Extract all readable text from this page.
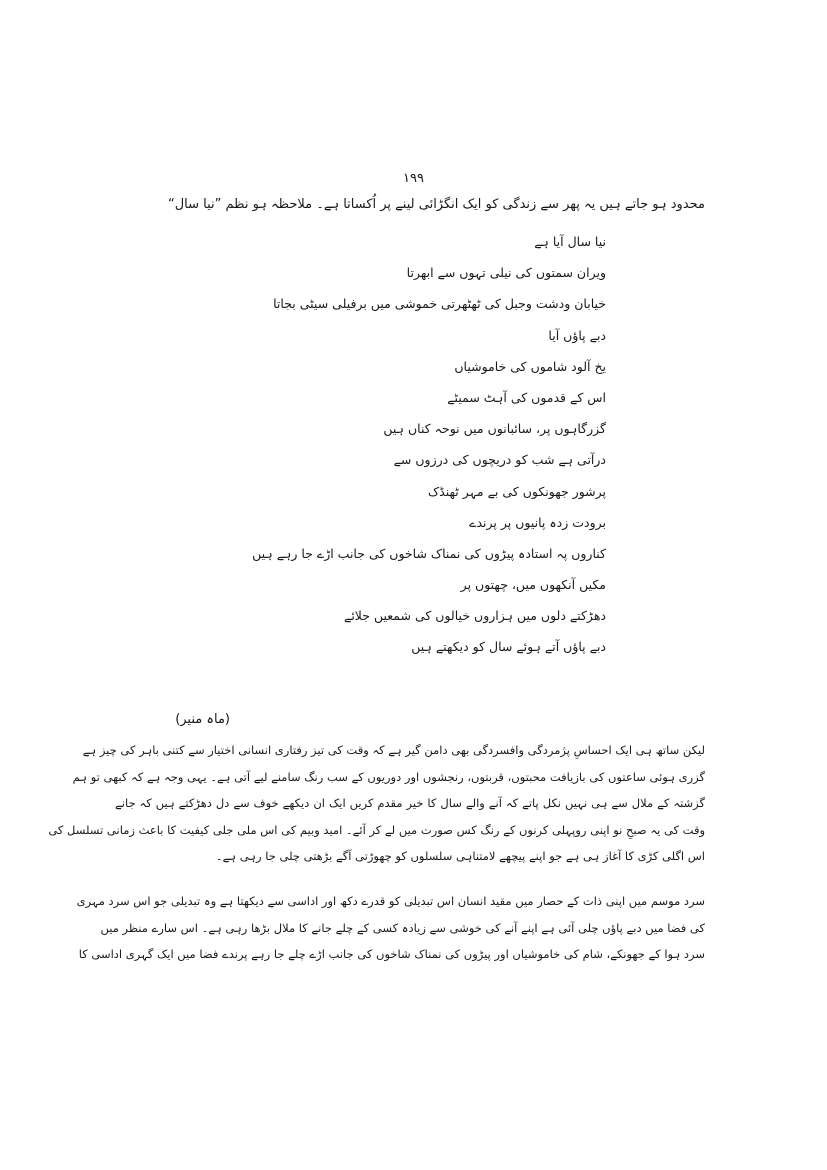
۱۹۹
محدود ہو جاتے ہیں یہ پھر سے زندگی کو ایک انگڑائی لینے پر اُکساتا ہے۔ ملاحظہ ہو نظم ”نیا سال“
نیا سال آیا ہے
ویران سمتوں کی نیلی تہوں سے ابھرتا
خیابان ودشت وجبل کی ٹھٹھرتی خموشی میں برفیلی سیٹی بجاتا
دبے پاؤں آیا
یخ آلود شاموں کی خاموشیاں
اس کے قدموں کی آہٹ سمیٹے
گزرگاہوں پر، سائبانوں میں نوحہ کناں ہیں
درآتی ہے شب کو دریچوں کی درزوں سے
پرشور جھونکوں کی بے مہر ٹھنڈک
برودت زدہ پانیوں پر پرندے
کناروں پہ استادہ پیڑوں کی نمناک شاخوں کی جانب اڑے جا رہے ہیں
مکیں آنکھوں میں، چھتوں پر
دھڑکتے دلوں میں ہزاروں خیالوں کی شمعیں جلائے
دبے پاؤں آتے ہوئے سال کو دیکھتے ہیں
(ماہ منیر)
لیکن ساتھ ہی ایک احساسِ پژمردگی وافسردگی بھی دامن گیر ہے کہ وقت کی تیز رفتاری انسانی اختیار سے کتنی باہر کی چیز ہے
گزری ہوئی ساعتوں کی بازیافت محبتوں، قربتوں، رنجشوں اور دوریوں کے سب رنگ سامنے لیے آتی ہے۔ یہی وجہ ہے کہ کبھی تو ہم
گزشتہ کے ملال سے ہی نہیں نکل پاتے کہ آنے والے سال کا خیر مقدم کریں ایک ان دیکھے خوف سے دل دھڑکتے ہیں کہ جانے
وقت کی یہ صبحِ نو اپنی روپہلی کرنوں کے رنگ کس صورت میں لے کر آئے۔ امید وبیم کی اس ملی جلی کیفیت کا باعث زمانی تسلسل کی
اس اگلی کڑی کا آغاز ہی ہے جو اپنے پیچھے لامتناہی سلسلوں کو چھوڑتی آگے بڑھتی چلی جا رہی ہے۔
سرد موسم میں اپنی ذات کے حصار میں مقید انسان اس تبدیلی کو قدرے دکھ اور اداسی سے دیکھتا ہے وہ تبدیلی جو اس سرد مہری
کی فضا میں دبے پاؤں چلی آئی ہے اپنے آنے کی خوشی سے زیادہ کسی کے چلے جانے کا ملال بڑھا رہی ہے۔ اس سارے منظر میں
سرد ہوا کے جھونکے، شام کی خاموشیاں اور پیڑوں کی نمناک شاخوں کی جانب اڑے چلے جا رہے پرندے فضا میں ایک گہری اداسی کا
